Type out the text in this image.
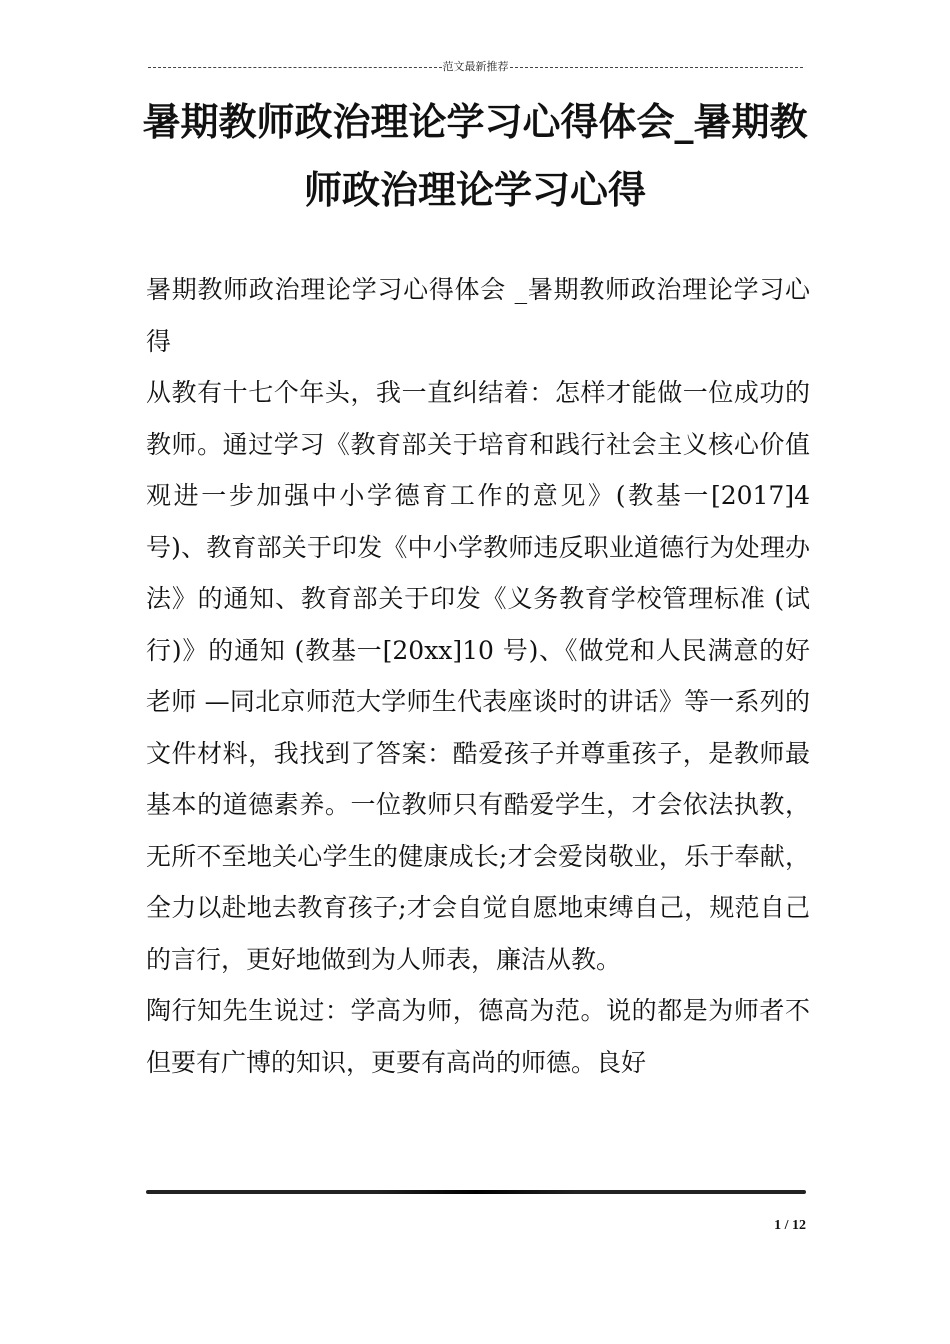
范文最新推荐
暑期教师政治理论学习心得体会_暑期教师政治理论学习心得

暑期教师政治理论学习心得体会 _暑期教师政治理论学习心得

从教有十七个年头，我一直纠结着：怎样才能做一位成功的教师。通过学习《教育部关于培育和践行社会主义核心价值观进一步加强中小学德育工作的意见》(教基一[2017]4 号)、教育部关于印发《中小学教师违反职业道德行为处理办法》的通知、教育部关于印发《义务教育学校管理标准 (试行)》的通知 (教基一[20xx]10 号)、《做党和人民满意的好老师 —同北京师范大学师生代表座谈时的讲话》等一系列的文件材料，我找到了答案：酷爱孩子并尊重孩子，是教师最基本的道德素养。一位教师只有酷爱学生，才会依法执教，无所不至地关心学生的健康成长;才会爱岗敬业，乐于奉献，全力以赴地去教育孩子;才会自觉自愿地束缚自己，规范自己的言行，更好地做到为人师表，廉洁从教。

陶行知先生说过：学高为师，德高为范。说的都是为师者不但要有广博的知识，更要有高尚的师德。良好

1 / 12
